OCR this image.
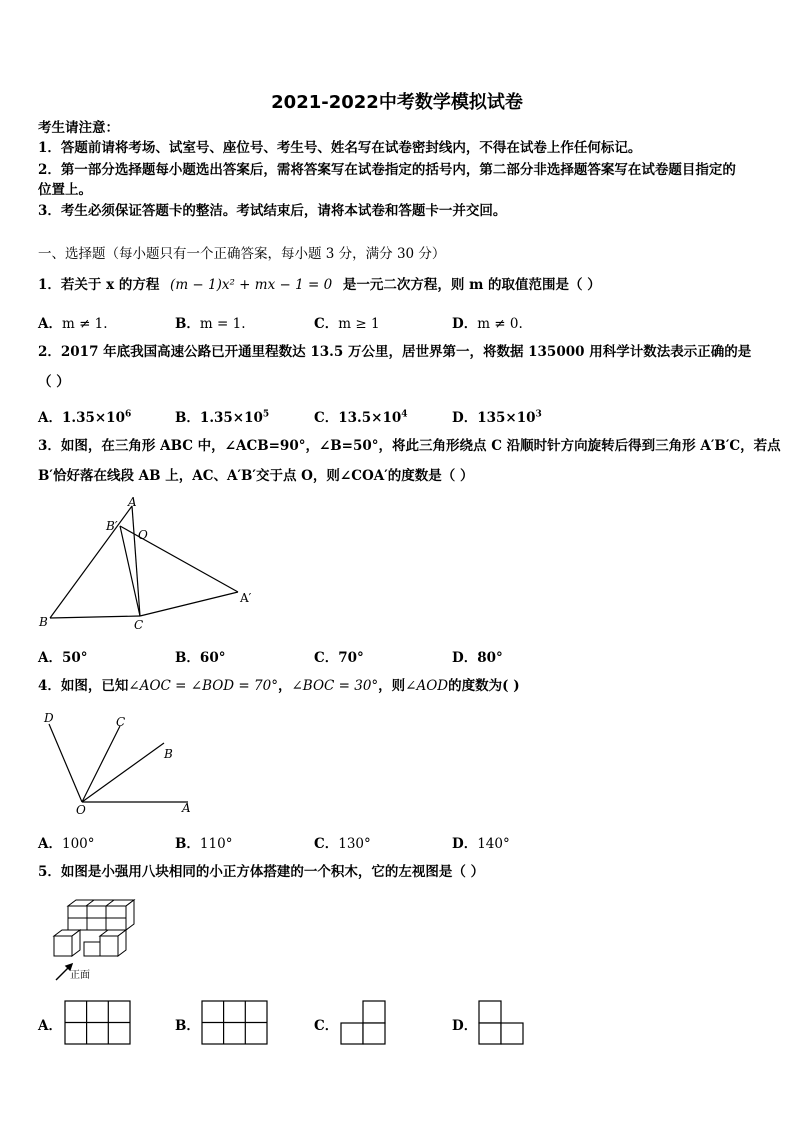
2021-2022中考数学模拟试卷
考生请注意：
1．答题前请将考场、试室号、座位号、考生号、姓名写在试卷密封线内，不得在试卷上作任何标记。
2．第一部分选择题每小题选出答案后，需将答案写在试卷指定的括号内，第二部分非选择题答案写在试卷题目指定的
位置上。
3．考生必须保证答题卡的整洁。考试结束后，请将本试卷和答题卡一并交回。
一、选择题（每小题只有一个正确答案，每小题 3 分，满分 30 分）
1．若关于 x 的方程 (m − 1)x² + mx − 1 = 0 是一元二次方程，则 m 的取值范围是（ ）
A．m ≠ 1.	B．m = 1.	C．m ≥ 1	D．m ≠ 0.
2．2017 年底我国高速公路已开通里程数达 13.5 万公里，居世界第一，将数据 135000 用科学计数法表示正确的是
（ ）
A．$1.35\times 10^6$	B．$1.35\times 10^5$	C．$13.5\times 10^4$	D．$135\times 10^3$
3．如图，在三角形 ABC 中，∠ACB=90°，∠B=50°，将此三角形绕点 C 沿顺时针方向旋转后得到三角形 A′B′C，若点
B′恰好落在线段 AB 上，AC、A′B′交于点 O，则∠COA′的度数是（ ）
A
B	C
B′
O
A′
A．50°	B．60°	C．70°	D．80°
4．如图，已知∠AOC = ∠BOD = 70°，∠BOC = 30°，则∠AOD的度数为( )
D	C
B
O	A
A．100°	B．110°	C．130°	D．140°
5．如图是小强用八块相同的小正方体搭建的一个积木，它的左视图是（ ）
正面
A．	B．	C．	D．
